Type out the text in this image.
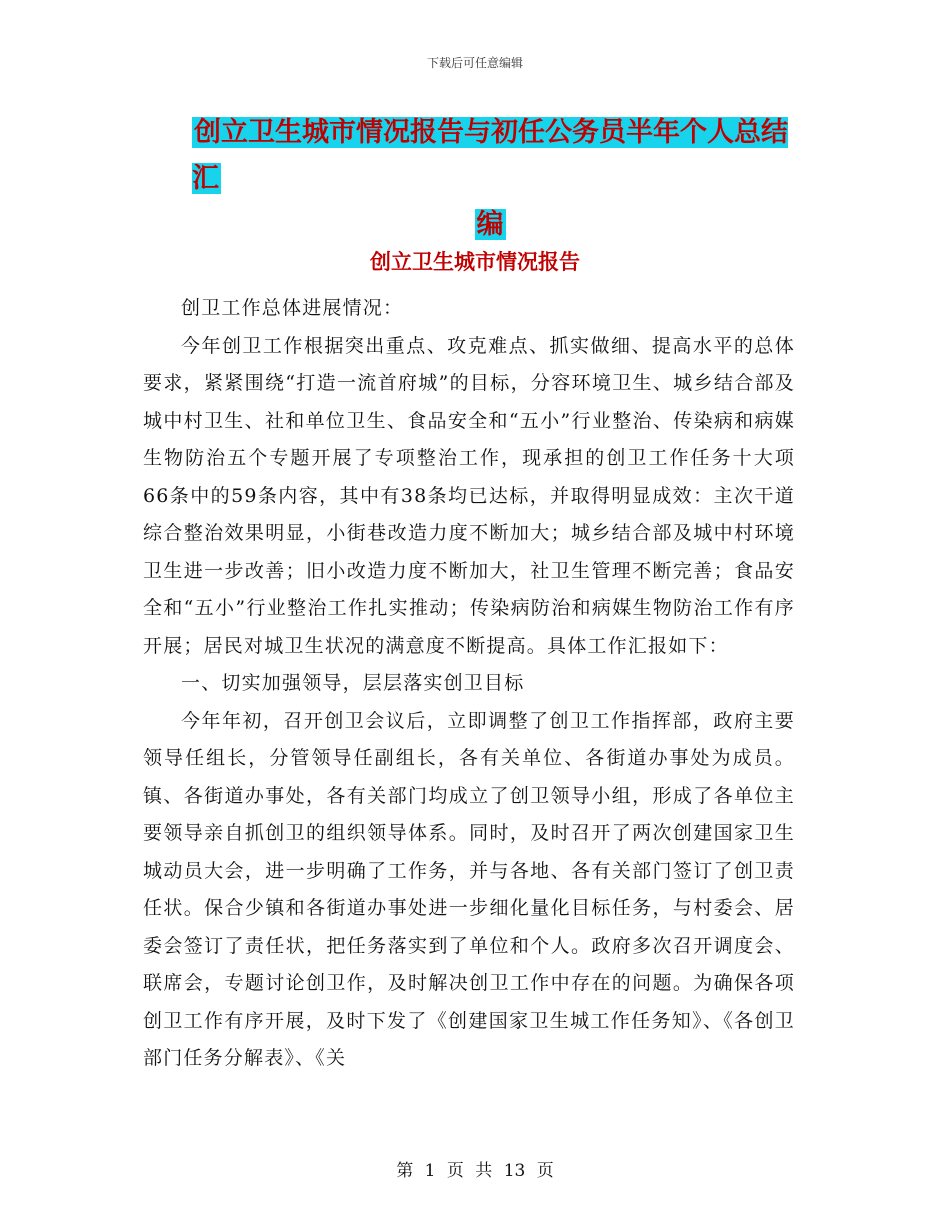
下载后可任意编辑
创立卫生城市情况报告与初任公务员半年个人总结汇
编
创立卫生城市情况报告

创卫工作总体进展情况：

今年创卫工作根据突出重点、攻克难点、抓实做细、提高水平的总体要求，紧紧围绕“打造一流首府城”的目标，分容环境卫生、城乡结合部及城中村卫生、社和单位卫生、食品安全和“五小”行业整治、传染病和病媒生物防治五个专题开展了专项整治工作，现承担的创卫工作任务十大项66条中的59条内容，其中有38条均已达标，并取得明显成效：主次干道综合整治效果明显，小街巷改造力度不断加大；城乡结合部及城中村环境卫生进一步改善；旧小改造力度不断加大，社卫生管理不断完善；食品安全和“五小”行业整治工作扎实推动；传染病防治和病媒生物防治工作有序开展；居民对城卫生状况的满意度不断提高。具体工作汇报如下：

一、切实加强领导，层层落实创卫目标

今年年初，召开创卫会议后，立即调整了创卫工作指挥部，政府主要领导任组长，分管领导任副组长，各有关单位、各街道办事处为成员。镇、各街道办事处，各有关部门均成立了创卫领导小组，形成了各单位主要领导亲自抓创卫的组织领导体系。同时，及时召开了两次创建国家卫生城动员大会，进一步明确了工作务，并与各地、各有关部门签订了创卫责任状。保合少镇和各街道办事处进一步细化量化目标任务，与村委会、居委会签订了责任状，把任务落实到了单位和个人。政府多次召开调度会、联席会，专题讨论创卫作，及时解决创卫工作中存在的问题。为确保各项创卫工作有序开展，及时下发了《创建国家卫生城工作任务知》、《各创卫部门任务分解表》、《关

第 1 页 共 13 页
